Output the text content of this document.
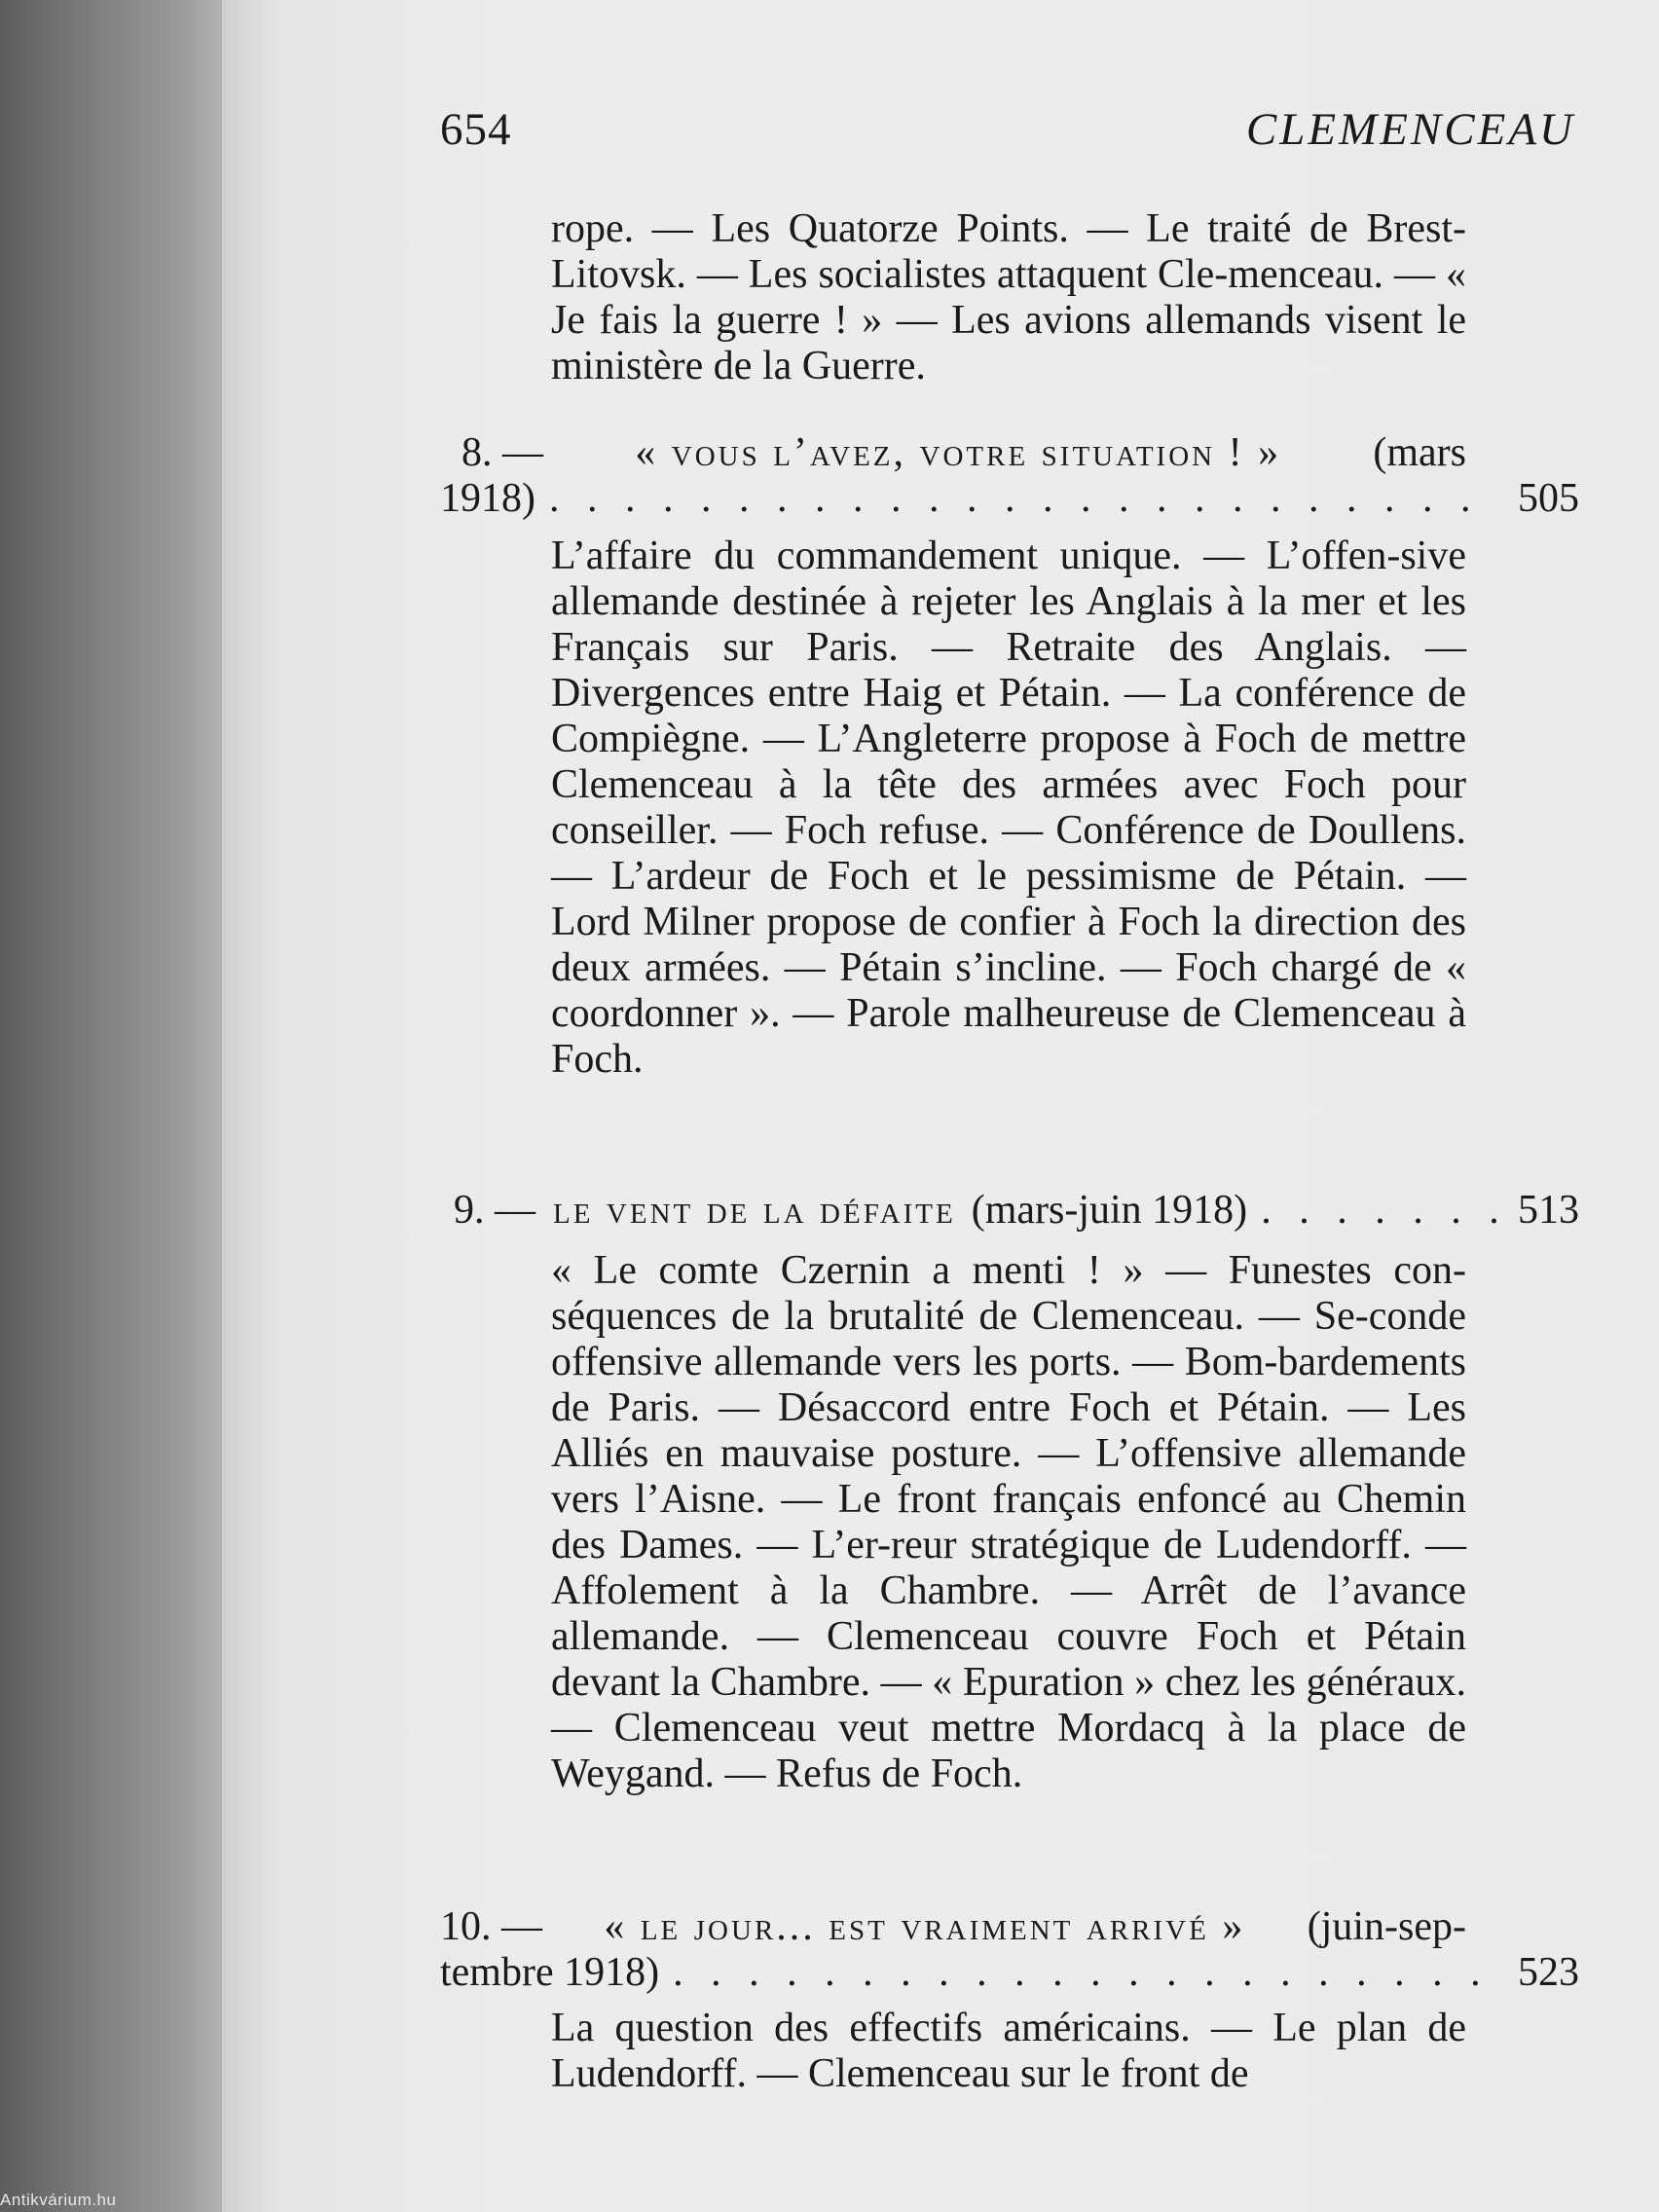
654	CLEMENCEAU
rope. — Les Quatorze Points. — Le traité de Brest-Litovsk. — Les socialistes attaquent Cle-menceau. — « Je fais la guerre ! » — Les avions allemands visent le ministère de la Guerre.
8. — « vous l’avez, votre situation ! » (mars
1918) . . .	505
L’affaire du commandement unique. — L’offen-sive allemande destinée à rejeter les Anglais à la mer et les Français sur Paris. — Retraite des Anglais. — Divergences entre Haig et Pétain. — La conférence de Compiègne. — L’Angleterre propose à Foch de mettre Clemenceau à la tête des armées avec Foch pour conseiller. — Foch refuse. — Conférence de Doullens. — L’ardeur de Foch et le pessimisme de Pétain. — Lord Milner propose de confier à Foch la direction des deux armées. — Pétain s’incline. — Foch chargé de « coordonner ». — Parole malheureuse de Clemenceau à Foch.
9. — le vent de la défaite (mars-juin 1918) . . .	513
« Le comte Czernin a menti ! » — Funestes con-séquences de la brutalité de Clemenceau. — Se-conde offensive allemande vers les ports. — Bom-bardements de Paris. — Désaccord entre Foch et Pétain. — Les Alliés en mauvaise posture. — L’offensive allemande vers l’Aisne. — Le front français enfoncé au Chemin des Dames. — L’er-reur stratégique de Ludendorff. — Affolement à la Chambre. — Arrêt de l’avance allemande. — Clemenceau couvre Foch et Pétain devant la Chambre. — « Epuration » chez les généraux. — Clemenceau veut mettre Mordacq à la place de Weygand. — Refus de Foch.
10. — « le jour... est vraiment arrivé » (juin-sep-
tembre 1918) . . .	523
La question des effectifs américains. — Le plan de Ludendorff. — Clemenceau sur le front de
Antikvárium.hu
